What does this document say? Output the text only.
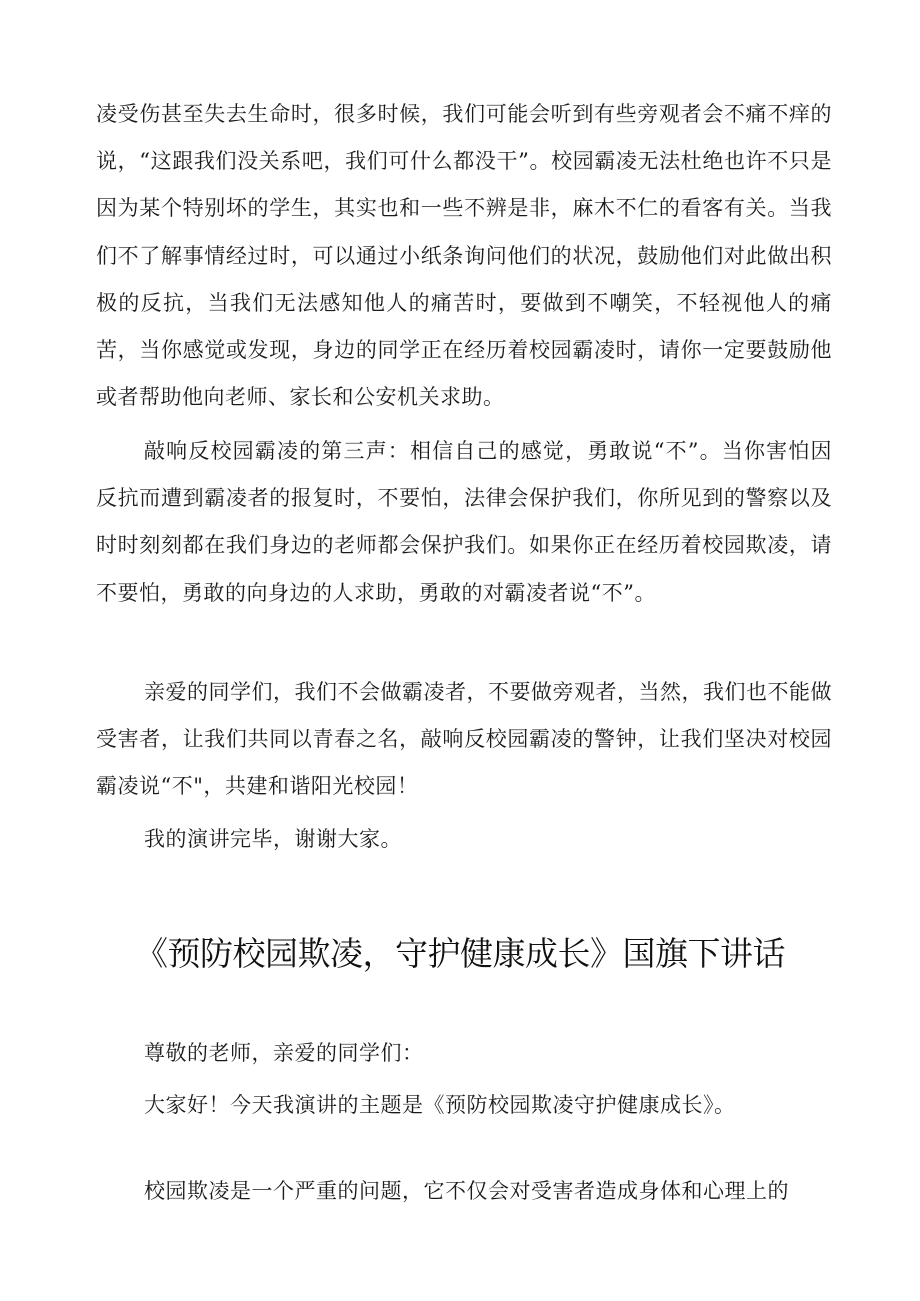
凌受伤甚至失去生命时，很多时候，我们可能会听到有些旁观者会不痛不痒的说，“这跟我们没关系吧，我们可什么都没干”。校园霸凌无法杜绝也许不只是因为某个特别坏的学生，其实也和一些不辨是非，麻木不仁的看客有关。当我们不了解事情经过时，可以通过小纸条询问他们的状况，鼓励他们对此做出积极的反抗，当我们无法感知他人的痛苦时，要做到不嘲笑，不轻视他人的痛苦，当你感觉或发现，身边的同学正在经历着校园霸凌时，请你一定要鼓励他或者帮助他向老师、家长和公安机关求助。

敲响反校园霸凌的第三声：相信自己的感觉，勇敢说“不”。当你害怕因反抗而遭到霸凌者的报复时，不要怕，法律会保护我们，你所见到的警察以及时时刻刻都在我们身边的老师都会保护我们。如果你正在经历着校园欺凌，请不要怕，勇敢的向身边的人求助，勇敢的对霸凌者说“不”。

亲爱的同学们，我们不会做霸凌者，不要做旁观者，当然，我们也不能做受害者，让我们共同以青春之名，敲响反校园霸凌的警钟，让我们坚决对校园霸凌说“不"，共建和谐阳光校园！

我的演讲完毕，谢谢大家。

《预防校园欺凌，守护健康成长》国旗下讲话

尊敬的老师，亲爱的同学们：

大家好！今天我演讲的主题是《预防校园欺凌守护健康成长》。

校园欺凌是一个严重的问题，它不仅会对受害者造成身体和心理上的
